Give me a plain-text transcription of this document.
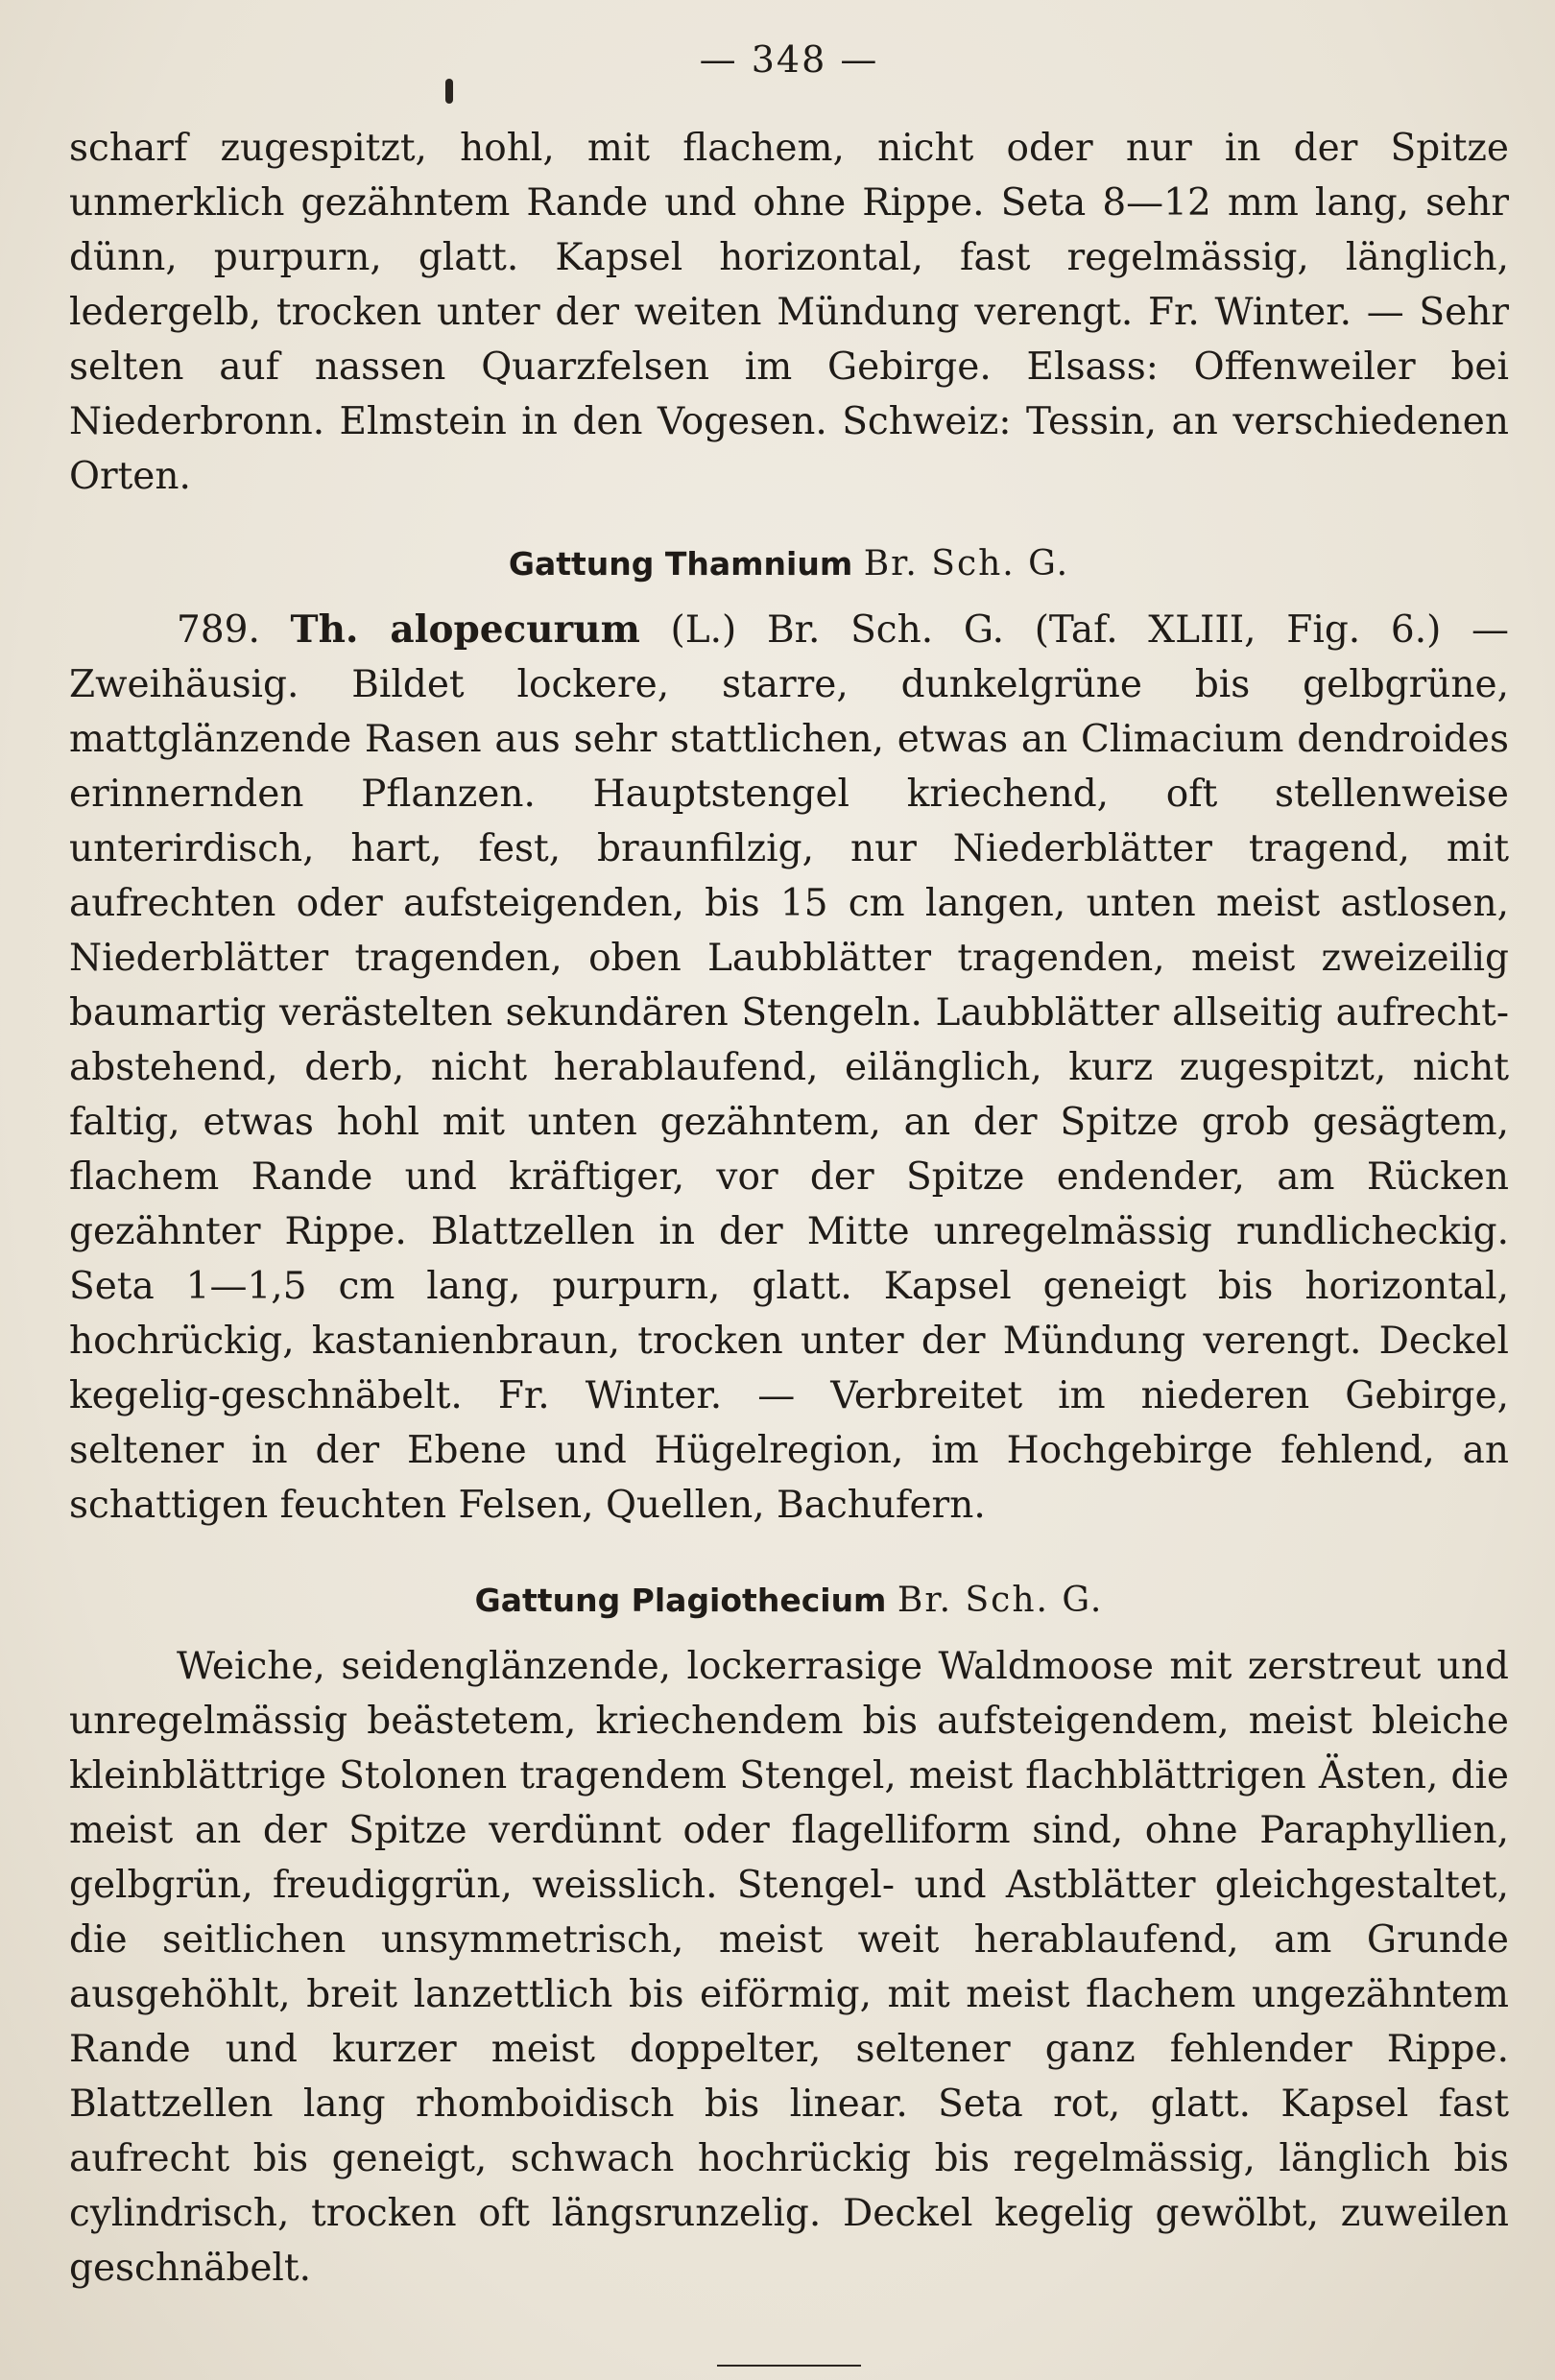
— 348 —

scharf zugespitzt, hohl, mit flachem, nicht oder nur in der Spitze unmerklich gezähntem Rande und ohne Rippe. Seta 8—12 mm lang, sehr dünn, purpurn, glatt. Kapsel horizontal, fast regelmässig, länglich, ledergelb, trocken unter der weiten Mündung verengt. Fr. Winter. — Sehr selten auf nassen Quarzfelsen im Gebirge. Elsass: Offenweiler bei Niederbronn. Elmstein in den Vogesen. Schweiz: Tessin, an verschiedenen Orten.

Gattung Thamnium Br. Sch. G.

789. Th. alopecurum (L.) Br. Sch. G. (Taf. XLIII, Fig. 6.) — Zweihäusig. Bildet lockere, starre, dunkelgrüne bis gelbgrüne, mattglänzende Rasen aus sehr stattlichen, etwas an Climacium dendroides erinnernden Pflanzen. Hauptstengel kriechend, oft stellenweise unterirdisch, hart, fest, braunfilzig, nur Niederblätter tragend, mit aufrechten oder aufsteigenden, bis 15 cm langen, unten meist astlosen, Niederblätter tragenden, oben Laubblätter tragenden, meist zweizeilig baumartig verästelten sekundären Stengeln. Laubblätter allseitig aufrecht-abstehend, derb, nicht herablaufend, eilänglich, kurz zugespitzt, nicht faltig, etwas hohl mit unten gezähntem, an der Spitze grob gesägtem, flachem Rande und kräftiger, vor der Spitze endender, am Rücken gezähnter Rippe. Blattzellen in der Mitte unregelmässig rundlicheckig. Seta 1—1,5 cm lang, purpurn, glatt. Kapsel geneigt bis horizontal, hochrückig, kastanienbraun, trocken unter der Mündung verengt. Deckel kegelig-geschnäbelt. Fr. Winter. — Verbreitet im niederen Gebirge, seltener in der Ebene und Hügelregion, im Hochgebirge fehlend, an schattigen feuchten Felsen, Quellen, Bachufern.

Gattung Plagiothecium Br. Sch. G.

Weiche, seidenglänzende, lockerrasige Waldmoose mit zerstreut und unregelmässig beästetem, kriechendem bis aufsteigendem, meist bleiche kleinblättrige Stolonen tragendem Stengel, meist flachblättrigen Ästen, die meist an der Spitze verdünnt oder flagelliform sind, ohne Paraphyllien, gelbgrün, freudiggrün, weisslich. Stengel- und Astblätter gleichgestaltet, die seitlichen unsymmetrisch, meist weit herablaufend, am Grunde ausgehöhlt, breit lanzettlich bis eiförmig, mit meist flachem ungezähntem Rande und kurzer meist doppelter, seltener ganz fehlender Rippe. Blattzellen lang rhomboidisch bis linear. Seta rot, glatt. Kapsel fast aufrecht bis geneigt, schwach hochrückig bis regelmässig, länglich bis cylindrisch, trocken oft längsrunzelig. Deckel kegelig gewölbt, zuweilen geschnäbelt.
